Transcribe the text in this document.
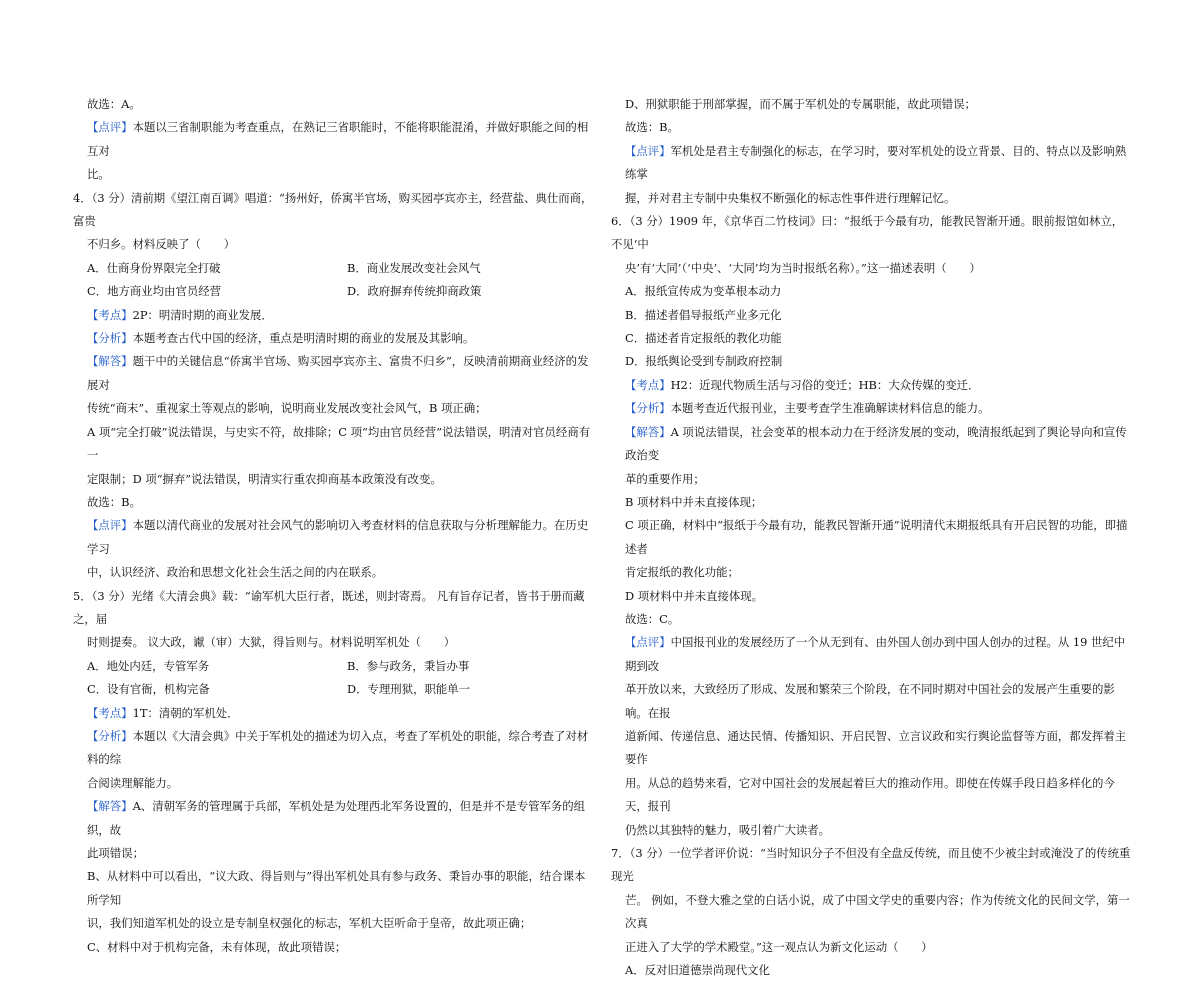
故选：A。

【点评】本题以三省制职能为考查重点，在熟记三省职能时，不能将职能混淆，并做好职能之间的相互对

比。

4．（3 分）清前期《望江南百调》唱道：“扬州好，侨寓半官场，购买园亭宾亦主，经营盐、典仕而商，富贵

不归乡。材料反映了（　　）

A．仕商身份界限完全打破	B．商业发展改变社会风气
C．地方商业均由官员经营	D．政府摒弃传统抑商政策

【考点】2P：明清时期的商业发展．

【分析】本题考查古代中国的经济，重点是明清时期的商业的发展及其影响。

【解答】题干中的关键信息“侨寓半官场、购买园亭宾亦主、富贵不归乡”，反映清前期商业经济的发展对

传统“商末”、重视家土等观点的影响，说明商业发展改变社会风气，B 项正确；

A 项“完全打破”说法错误，与史实不符，故排除；C 项“均由官员经营”说法错误，明清对官员经商有一

定限制；D 项“摒弃”说法错误，明清实行重农抑商基本政策没有改变。

故选：B。

【点评】本题以清代商业的发展对社会风气的影响切入考查材料的信息获取与分析理解能力。在历史学习

中，认识经济、政治和思想文化社会生活之间的内在联系。

5．（3 分）光绪《大清会典》载：“谕军机大臣行者，既述，则封寄焉。 凡有旨存记者，皆书于册而藏之，届

时则提奏。 议大政，谳（审）大狱，得旨则与。材料说明军机处（　　）

A．地处内廷，专管军务	B．参与政务，秉旨办事
C．设有官衙，机构完备	D．专理刑狱，职能单一

【考点】1T：清朝的军机处．

【分析】本题以《大清会典》中关于军机处的描述为切入点，考查了军机处的职能，综合考查了对材料的综

合阅读理解能力。

【解答】A、清朝军务的管理属于兵部，军机处是为处理西北军务设置的，但是并不是专管军务的组织，故

此项错误；

B、从材料中可以看出，“议大政、得旨则与”得出军机处具有参与政务、秉旨办事的职能，结合课本所学知

识，我们知道军机处的设立是专制皇权强化的标志，军机大臣听命于皇帝，故此项正确；

C、材料中对于机构完备，未有体现，故此项错误；

D、刑狱职能于刑部掌握，而不属于军机处的专属职能，故此项错误；

故选：B。

【点评】军机处是君主专制强化的标志，在学习时，要对军机处的设立背景、目的、特点以及影响熟练掌

握，并对君主专制中央集权不断强化的标志性事件进行理解记忆。

6．（3 分）1909 年，《京华百二竹枝词》曰：“报纸于今最有功，能教民智渐开通。眼前报馆如林立，不见‘中

央’有‘大同’（‘中央’、‘大同’均为当时报纸名称）。”这一描述表明（　　）

A．报纸宣传成为变革根本动力

B．描述者倡导报纸产业多元化

C．描述者肯定报纸的教化功能

D．报纸舆论受到专制政府控制

【考点】H2：近现代物质生活与习俗的变迁；HB：大众传媒的变迁．

【分析】本题考查近代报刊业，主要考查学生准确解读材料信息的能力。

【解答】A 项说法错误，社会变革的根本动力在于经济发展的变动，晚清报纸起到了舆论导向和宣传政治变

革的重要作用；

B 项材料中并未直接体现；

C 项正确，材料中“报纸于今最有功，能教民智渐开通”说明清代末期报纸具有开启民智的功能，即描述者

肯定报纸的教化功能；

D 项材料中并未直接体现。

故选：C。

【点评】中国报刊业的发展经历了一个从无到有、由外国人创办到中国人创办的过程。从 19 世纪中期到改

革开放以来，大致经历了形成、发展和繁荣三个阶段，在不同时期对中国社会的发展产生重要的影响。在报

道新闻、传递信息、通达民情、传播知识、开启民智、立言议政和实行舆论监督等方面，都发挥着主要作

用。从总的趋势来看，它对中国社会的发展起着巨大的推动作用。即使在传媒手段日趋多样化的今天，报刊

仍然以其独特的魅力，吸引着广大读者。

7．（3 分）一位学者评价说：“当时知识分子不但没有全盘反传统，而且使不少被尘封或淹没了的传统重现光

芒。 例如，不登大雅之堂的白话小说，成了中国文学史的重要内容；作为传统文化的民间文学，第一次真

正进入了大学的学术殿堂。”这一观点认为新文化运动（　　）

A．反对旧道德崇尚现代文化
